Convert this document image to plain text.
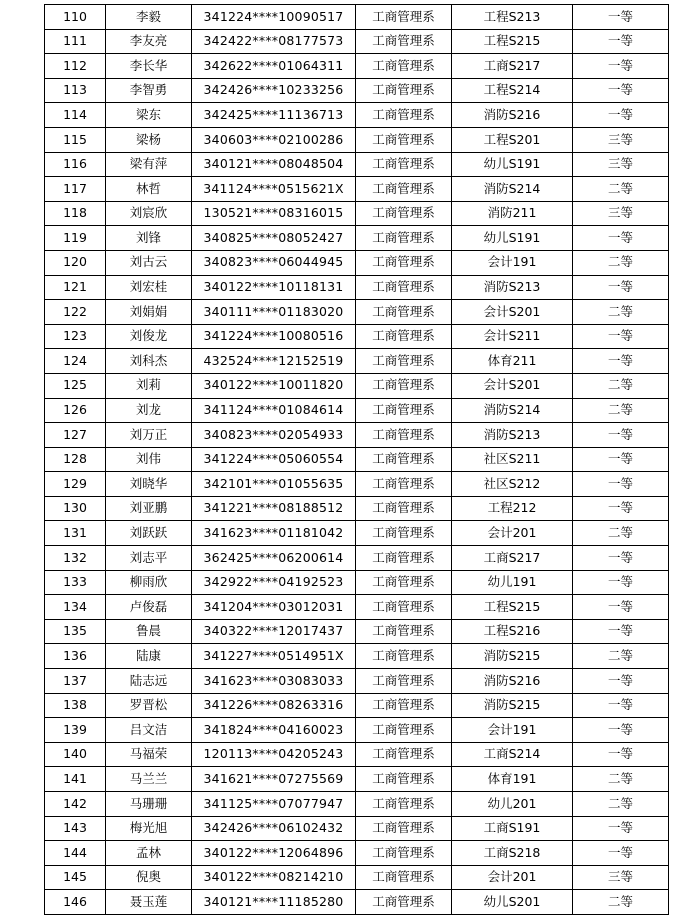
110	李毅	341224****10090517	工商管理系	工程S213	一等
111	李友亮	342422****08177573	工商管理系	工程S215	一等
112	李长华	342622****01064311	工商管理系	工商S217	一等
113	李智勇	342426****10233256	工商管理系	工程S214	一等
114	梁东	342425****11136713	工商管理系	消防S216	一等
115	梁杨	340603****02100286	工商管理系	工程S201	三等
116	梁有萍	340121****08048504	工商管理系	幼儿S191	三等
117	林哲	341124****0515621X	工商管理系	消防S214	二等
118	刘宸欣	130521****08316015	工商管理系	消防211	三等
119	刘锋	340825****08052427	工商管理系	幼儿S191	一等
120	刘古云	340823****06044945	工商管理系	会计191	二等
121	刘宏桂	340122****10118131	工商管理系	消防S213	一等
122	刘娟娟	340111****01183020	工商管理系	会计S201	二等
123	刘俊龙	341224****10080516	工商管理系	会计S211	一等
124	刘科杰	432524****12152519	工商管理系	体育211	一等
125	刘莉	340122****10011820	工商管理系	会计S201	二等
126	刘龙	341124****01084614	工商管理系	消防S214	二等
127	刘万正	340823****02054933	工商管理系	消防S213	一等
128	刘伟	341224****05060554	工商管理系	社区S211	一等
129	刘晓华	342101****01055635	工商管理系	社区S212	一等
130	刘亚鹏	341221****08188512	工商管理系	工程212	一等
131	刘跃跃	341623****01181042	工商管理系	会计201	二等
132	刘志平	362425****06200614	工商管理系	工商S217	一等
133	柳雨欣	342922****04192523	工商管理系	幼儿191	一等
134	卢俊磊	341204****03012031	工商管理系	工程S215	一等
135	鲁晨	340322****12017437	工商管理系	工程S216	一等
136	陆康	341227****0514951X	工商管理系	消防S215	二等
137	陆志远	341623****03083033	工商管理系	消防S216	一等
138	罗晋松	341226****08263316	工商管理系	消防S215	一等
139	吕文洁	341824****04160023	工商管理系	会计191	一等
140	马福荣	120113****04205243	工商管理系	工商S214	一等
141	马兰兰	341621****07275569	工商管理系	体育191	二等
142	马珊珊	341125****07077947	工商管理系	幼儿201	二等
143	梅光旭	342426****06102432	工商管理系	工商S191	一等
144	孟林	340122****12064896	工商管理系	工商S218	一等
145	倪奥	340122****08214210	工商管理系	会计201	三等
146	聂玉莲	340121****11185280	工商管理系	幼儿S201	二等
